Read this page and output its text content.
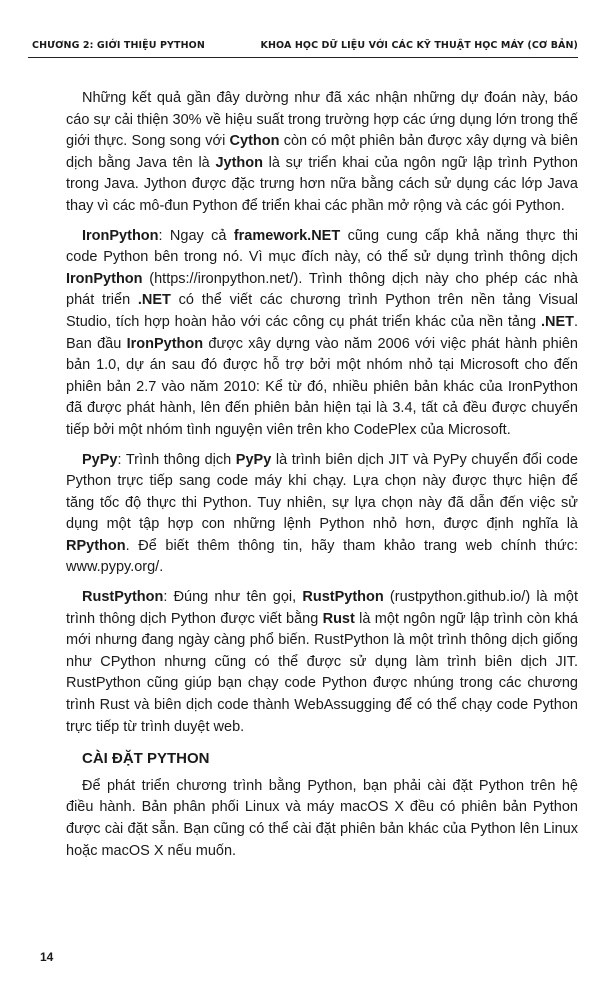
CHƯƠNG 2: GIỚI THIỆU PYTHON	KHOA HỌC DỮ LIỆU VỚI CÁC KỸ THUẬT HỌC MÁY (CƠ BẢN)

Những kết quả gần đây dường như đã xác nhận những dự đoán này, báo cáo sự cải thiện 30% về hiệu suất trong trường hợp các ứng dụng lớn trong thế giới thực. Song song với Cython còn có một phiên bản được xây dựng và biên dịch bằng Java tên là Jython là sự triển khai của ngôn ngữ lập trình Python trong Java. Jython được đặc trưng hơn nữa bằng cách sử dụng các lớp Java thay vì các mô-đun Python để triển khai các phần mở rộng và các gói Python.

IronPython: Ngay cả framework.NET cũng cung cấp khả năng thực thi code Python bên trong nó. Vì mục đích này, có thể sử dụng trình thông dịch IronPython (https://ironpython.net/). Trình thông dịch này cho phép các nhà phát triển .NET có thể viết các chương trình Python trên nền tảng Visual Studio, tích hợp hoàn hảo với các công cụ phát triển khác của nền tảng .NET. Ban đầu IronPython được xây dựng vào năm 2006 với việc phát hành phiên bản 1.0, dự án sau đó được hỗ trợ bởi một nhóm nhỏ tại Microsoft cho đến phiên bản 2.7 vào năm 2010: Kể từ đó, nhiều phiên bản khác của IronPython đã được phát hành, lên đến phiên bản hiện tại là 3.4, tất cả đều được chuyển tiếp bởi một nhóm tình nguyện viên trên kho CodePlex của Microsoft.

PyPy: Trình thông dịch PyPy là trình biên dịch JIT và PyPy chuyển đổi code Python trực tiếp sang code máy khi chạy. Lựa chọn này được thực hiện để tăng tốc độ thực thi Python. Tuy nhiên, sự lựa chọn này đã dẫn đến việc sử dụng một tập hợp con những lệnh Python nhỏ hơn, được định nghĩa là RPython. Để biết thêm thông tin, hãy tham khảo trang web chính thức: www.pypy.org/.

RustPython: Đúng như tên gọi, RustPython (rustpython.github.io/) là một trình thông dịch Python được viết bằng Rust là một ngôn ngữ lập trình còn khá mới nhưng đang ngày càng phổ biến. RustPython là một trình thông dịch giống như CPython nhưng cũng có thể được sử dụng làm trình biên dịch JIT. RustPython cũng giúp bạn chạy code Python được nhúng trong các chương trình Rust và biên dịch code thành WebAssugging để có thể chạy code Python trực tiếp từ trình duyệt web.

CÀI ĐẶT PYTHON

Để phát triển chương trình bằng Python, bạn phải cài đặt Python trên hệ điều hành. Bản phân phối Linux và máy macOS X đều có phiên bản Python được cài đặt sẵn. Bạn cũng có thể cài đặt phiên bản khác của Python lên Linux hoặc macOS X nếu muốn.

14
